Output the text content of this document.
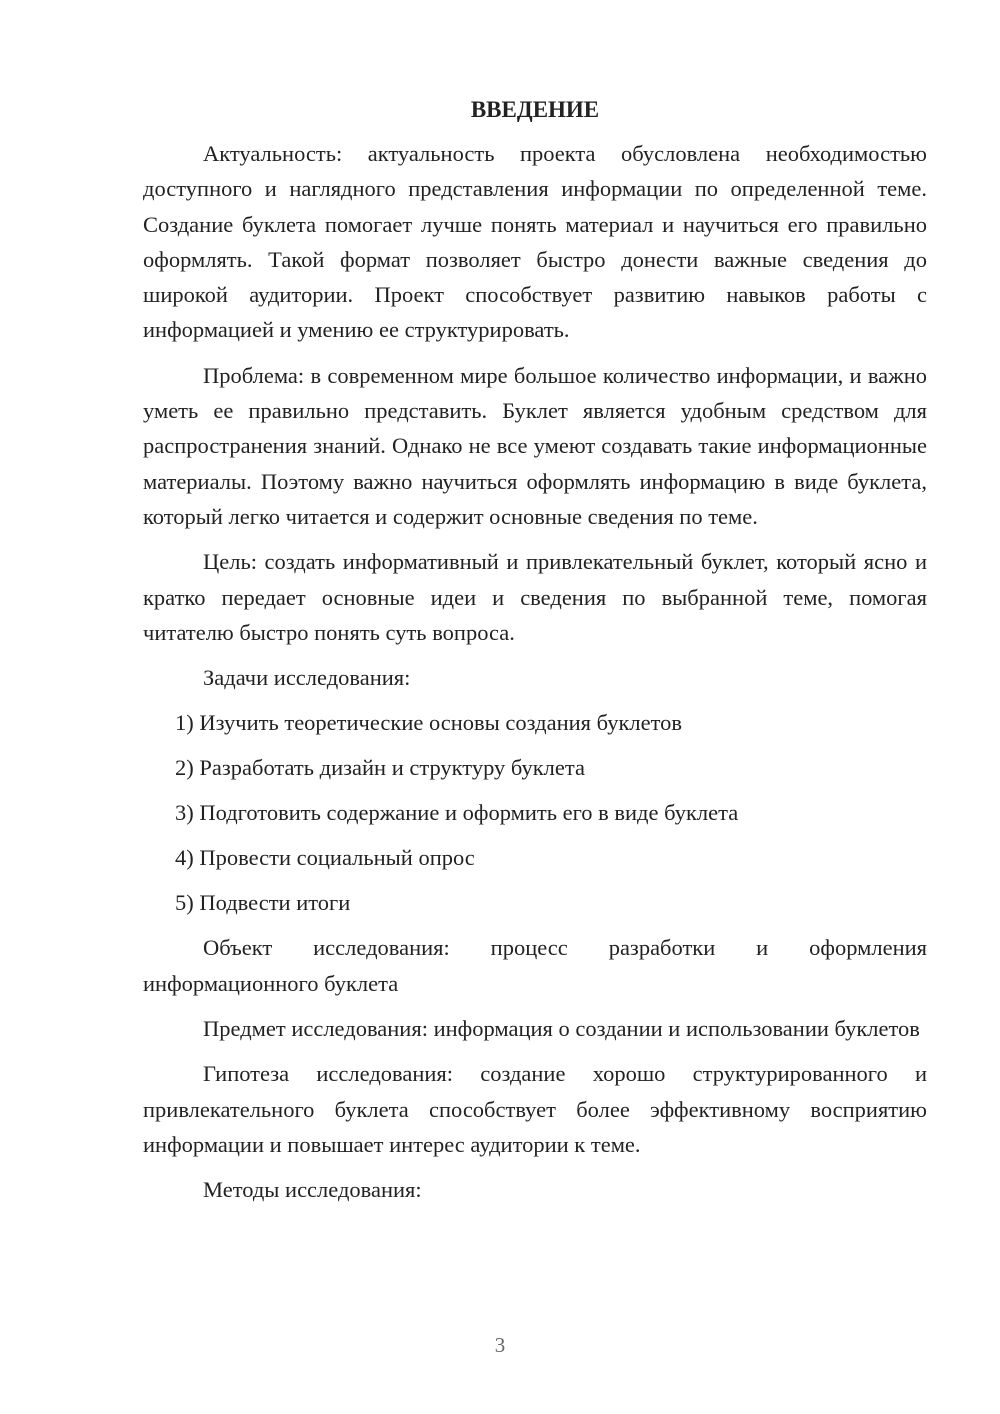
ВВЕДЕНИЕ

Актуальность: актуальность проекта обусловлена необходимостью доступного и наглядного представления информации по определенной теме. Создание буклета помогает лучше понять материал и научиться его правильно оформлять. Такой формат позволяет быстро донести важные сведения до широкой аудитории. Проект способствует развитию навыков работы с информацией и умению ее структурировать.

Проблема: в современном мире большое количество информации, и важно уметь ее правильно представить. Буклет является удобным средством для распространения знаний. Однако не все умеют создавать такие информационные материалы. Поэтому важно научиться оформлять информацию в виде буклета, который легко читается и содержит основные сведения по теме.

Цель: создать информативный и привлекательный буклет, который ясно и кратко передает основные идеи и сведения по выбранной теме, помогая читателю быстро понять суть вопроса.

Задачи исследования:

1) Изучить теоретические основы создания буклетов

2) Разработать дизайн и структуру буклета

3) Подготовить содержание и оформить его в виде буклета

4) Провести социальный опрос

5) Подвести итоги

Объект исследования: процесс разработки и оформления информационного буклета

Предмет исследования: информация о создании и использовании буклетов

Гипотеза исследования: создание хорошо структурированного и привлекательного буклета способствует более эффективному восприятию информации и повышает интерес аудитории к теме.

Методы исследования:

3
